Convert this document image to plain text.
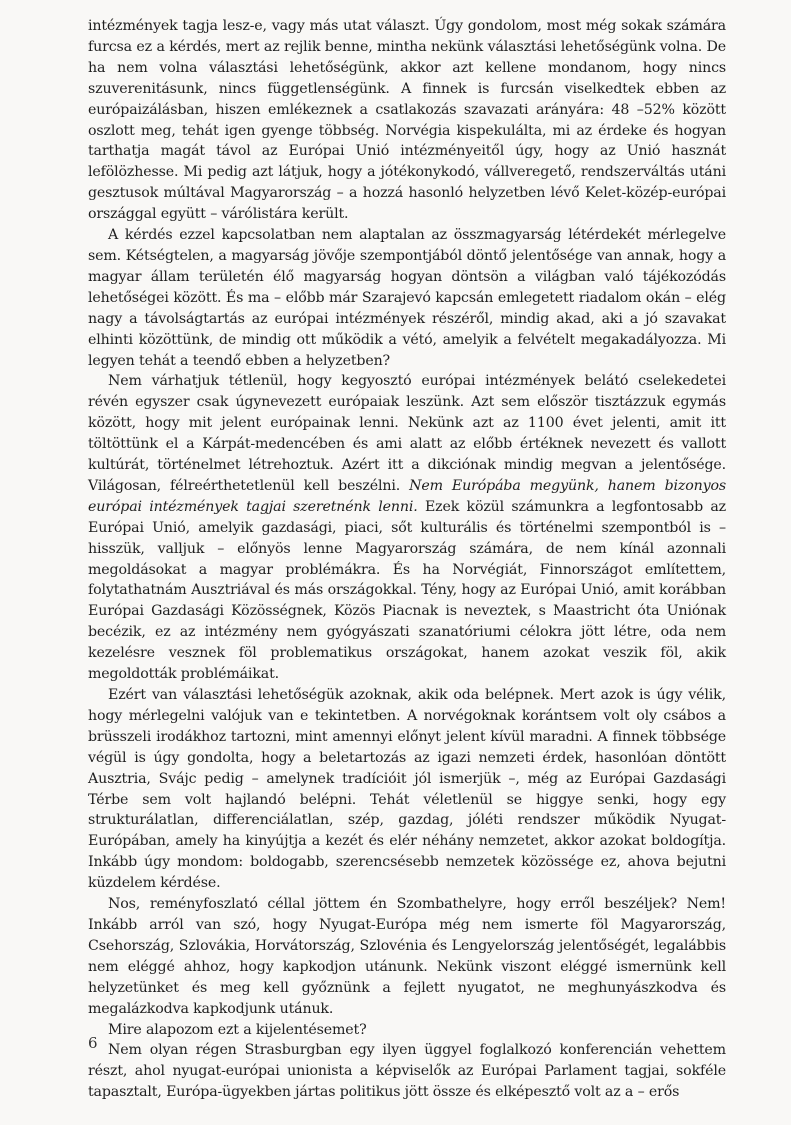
intézmények tagja lesz-e, vagy más utat választ. Úgy gondolom, most még sokak számára furcsa ez a kérdés, mert az rejlik benne, mintha nekünk választási lehetőségünk volna. De ha nem volna választási lehetőségünk, akkor azt kellene mondanom, hogy nincs szuverenitásunk, nincs függetlenségünk. A finnek is furcsán viselkedtek ebben az európaizálásban, hiszen emlékeznek a csatlakozás szavazati arányára: 48 –52% között oszlott meg, tehát igen gyenge többség. Norvégia kispekulálta, mi az érdeke és hogyan tarthatja magát távol az Európai Unió intézményeitől úgy, hogy az Unió hasznát lefölözhesse. Mi pedig azt látjuk, hogy a jótékonykodó, vállveregető, rendszerváltás utáni gesztusok múltával Magyarország – a hozzá hasonló helyzetben lévő Kelet-közép-európai országgal együtt – várólistára került.

A kérdés ezzel kapcsolatban nem alaptalan az összmagyarság létérdekét mérlegelve sem. Kétségtelen, a magyarság jövője szempontjából döntő jelentősége van annak, hogy a magyar állam területén élő magyarság hogyan döntsön a világban való tájékozódás lehetőségei között. És ma – előbb már Szarajevó kapcsán emlegetett riadalom okán – elég nagy a távolságtartás az európai intézmények részéről, mindig akad, aki a jó szavakat elhinti közöttünk, de mindig ott működik a vétó, amelyik a felvételt megakadályozza. Mi legyen tehát a teendő ebben a helyzetben?

Nem várhatjuk tétlenül, hogy kegyosztó európai intézmények belátó cselekedetei révén egyszer csak úgynevezett európaiak leszünk. Azt sem először tisztázzuk egymás között, hogy mit jelent európainak lenni. Nekünk azt az 1100 évet jelenti, amit itt töltöttünk el a Kárpát-medencében és ami alatt az előbb értéknek nevezett és vallott kultúrát, történelmet létrehoztuk. Azért itt a dikciónak mindig megvan a jelentősége. Világosan, félreérthetetlenül kell beszélni. Nem Európába megyünk, hanem bizonyos európai intézmények tagjai szeretnénk lenni. Ezek közül számunkra a legfontosabb az Európai Unió, amelyik gazdasági, piaci, sőt kulturális és történelmi szempontból is – hisszük, valljuk – előnyös lenne Magyarország számára, de nem kínál azonnali megoldásokat a magyar problémákra. És ha Norvégiát, Finnországot említettem, folytathatnám Ausztriával és más országokkal. Tény, hogy az Európai Unió, amit korábban Európai Gazdasági Közösségnek, Közös Piacnak is neveztek, s Maastricht óta Uniónak becézik, ez az intézmény nem gyógyászati szanatóriumi célokra jött létre, oda nem kezelésre vesznek föl problematikus országokat, hanem azokat veszik föl, akik megoldották problémáikat.

Ezért van választási lehetőségük azoknak, akik oda belépnek. Mert azok is úgy vélik, hogy mérlegelni valójuk van e tekintetben. A norvégoknak korántsem volt oly csábos a brüsszeli irodákhoz tartozni, mint amennyi előnyt jelent kívül maradni. A finnek többsége végül is úgy gondolta, hogy a beletartozás az igazi nemzeti érdek, hasonlóan döntött Ausztria, Svájc pedig – amelynek tradícióit jól ismerjük –, még az Európai Gazdasági Térbe sem volt hajlandó belépni. Tehát véletlenül se higgye senki, hogy egy strukturálatlan, differenciálatlan, szép, gazdag, jóléti rendszer működik Nyugat-Európában, amely ha kinyújtja a kezét és elér néhány nemzetet, akkor azokat boldogítja. Inkább úgy mondom: boldogabb, szerencsésebb nemzetek közössége ez, ahova bejutni küzdelem kérdése.

Nos, reményfoszlató céllal jöttem én Szombathelyre, hogy erről beszéljek? Nem! Inkább arról van szó, hogy Nyugat-Európa még nem ismerte föl Magyarország, Csehország, Szlovákia, Horvátország, Szlovénia és Lengyelország jelentőségét, legalábbis nem eléggé ahhoz, hogy kapkodjon utánunk. Nekünk viszont eléggé ismernünk kell helyzetünket és meg kell győznünk a fejlett nyugatot, ne meghunyászkodva és megalázkodva kapkodjunk utánuk.

Mire alapozom ezt a kijelentésemet?

Nem olyan régen Strasburgban egy ilyen üggyel foglalkozó konferencián vehettem részt, ahol nyugat-európai unionista a képviselők az Európai Parlament tagjai, sokféle tapasztalt, Európa-ügyekben jártas politikus jött össze és elképesztő volt az a – erős

6
